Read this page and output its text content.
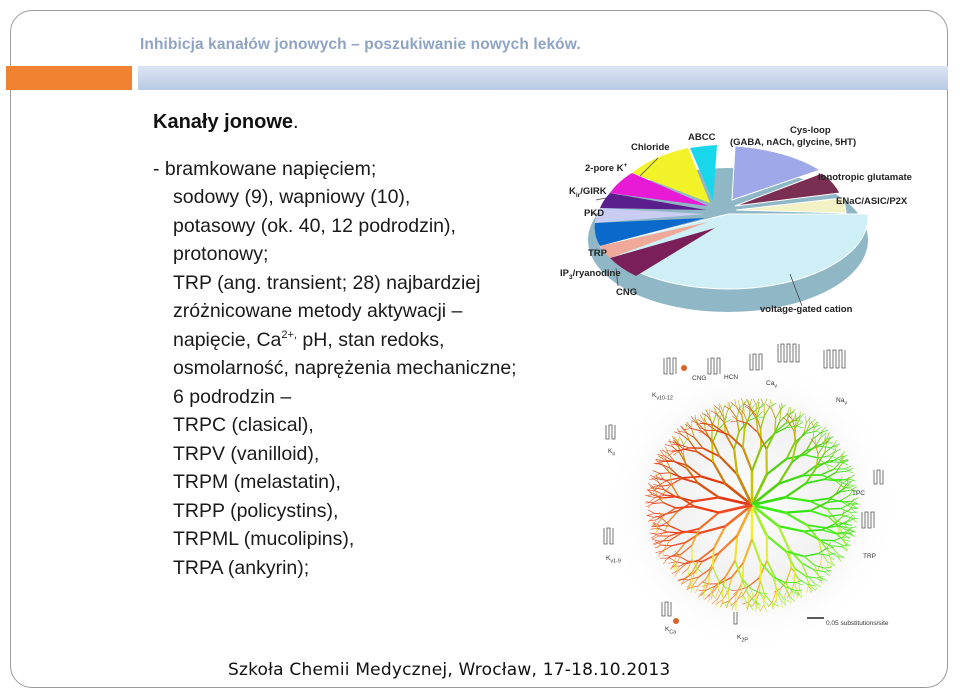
Inhibicja kanałów jonowych – poszukiwanie nowych leków.
Kanały jonowe.
- bramkowane napięciem;
sodowy (9), wapniowy (10),
potasowy (ok. 40, 12 podrodzin),
protonowy;
TRP (ang. transient; 28) najbardziej
zróżnicowane metody aktywacji –
napięcie, $Ca^{2+,}$ pH, stan redoks,
osmolarność, naprężenia mechaniczne;
6 podrodzin –
TRPC (clasical),
TRPV (vanilloid),
TRPM (melastatin),
TRPP (policystins),
TRPML (mucolipins),
TRPA (ankyrin);
ABCC
Chloride
Cys-loop
(GABA, nACh, glycine, 5HT)
2-pore K+
$K_{ir}$/GIRK
PKD
TRP
$IP_3$/ryanodine
CNG
Ionotropic glutamate
ENaC/ASIC/P2X
voltage-gated cation
CNG	HCN
$Ca_v$
$K_{v10-12}$	$Na_v$
$K_{ir}$
TPC
$K_{v1-9}$
TRP
$K_{Ca}$
$K_{2P}$
0.05 substitutions/site
Szkoła Chemii Medycznej, Wrocław, 17-18.10.2013
